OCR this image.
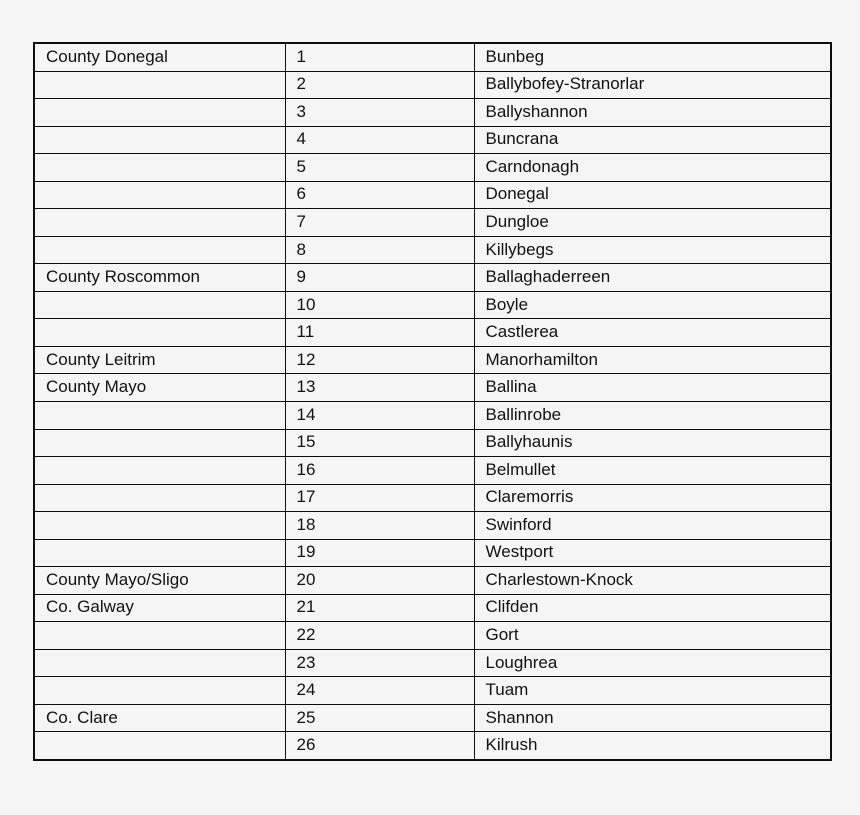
County Donegal	1	Bunbeg
	2	Ballybofey-Stranorlar
	3	Ballyshannon
	4	Buncrana
	5	Carndonagh
	6	Donegal
	7	Dungloe
	8	Killybegs
County Roscommon	9	Ballaghaderreen
	10	Boyle
	11	Castlerea
County Leitrim	12	Manorhamilton
County Mayo	13	Ballina
	14	Ballinrobe
	15	Ballyhaunis
	16	Belmullet
	17	Claremorris
	18	Swinford
	19	Westport
County Mayo/Sligo	20	Charlestown-Knock
Co. Galway	21	Clifden
	22	Gort
	23	Loughrea
	24	Tuam
Co. Clare	25	Shannon
	26	Kilrush
